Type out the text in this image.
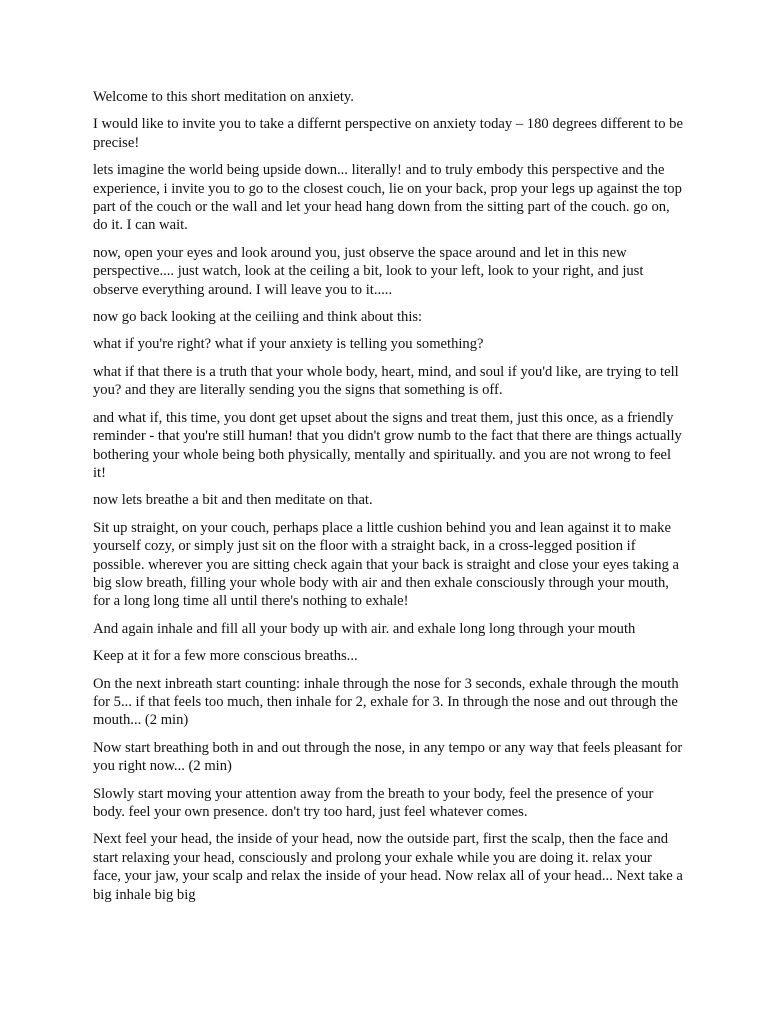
Welcome to this short meditation on anxiety.

I would like to invite you to take a differnt perspective on anxiety today – 180 degrees different to be precise!

lets imagine the world being upside down... literally! and to truly embody this perspective and the experience, i invite you to go to the closest couch, lie on your back, prop your legs up against the top part of the couch or the wall and let your head hang down from the sitting part of the couch. go on, do it. I can wait.

now, open your eyes and look around you, just observe the space around and let in this new perspective.... just watch, look at the ceiling a bit, look to your left, look to your right, and just observe everything around. I will leave you to it.....

now go back looking at the ceiliing and think about this:

what if you're right? what if your anxiety is telling you something?

what if that there is a truth that your whole body, heart, mind, and soul if you'd like, are trying to tell you? and they are literally sending you the signs that something is off.

and what if, this time, you dont get upset about the signs and treat them, just this once, as a friendly reminder - that you're still human! that you didn't grow numb to the fact that there are things actually bothering your whole being both physically, mentally and spiritually. and you are not wrong to feel it!

now lets breathe a bit and then meditate on that.

Sit up straight, on your couch, perhaps place a little cushion behind you and lean against it to make yourself cozy, or simply just sit on the floor with a straight back, in a cross-legged position if possible. wherever you are sitting check again that your back is straight and close your eyes taking a big slow breath, filling your whole body with air and then exhale consciously through your mouth, for a long long time all until there's nothing to exhale!

And again inhale and fill all your body up with air. and exhale long long through your mouth

Keep at it for a few more conscious breaths...

On the next inbreath start counting: inhale through the nose for 3 seconds, exhale through the mouth for 5... if that feels too much, then inhale for 2, exhale for 3. In through the nose and out through the mouth... (2 min)

Now start breathing both in and out through the nose, in any tempo or any way that feels pleasant for you right now... (2 min)

Slowly start moving your attention away from the breath to your body, feel the presence of your body. feel your own presence. don't try too hard, just feel whatever comes.

Next feel your head, the inside of your head, now the outside part, first the scalp, then the face and start relaxing your head, consciously and prolong your exhale while you are doing it. relax your face, your jaw, your scalp and relax the inside of your head. Now relax all of your head... Next take a big inhale big big
